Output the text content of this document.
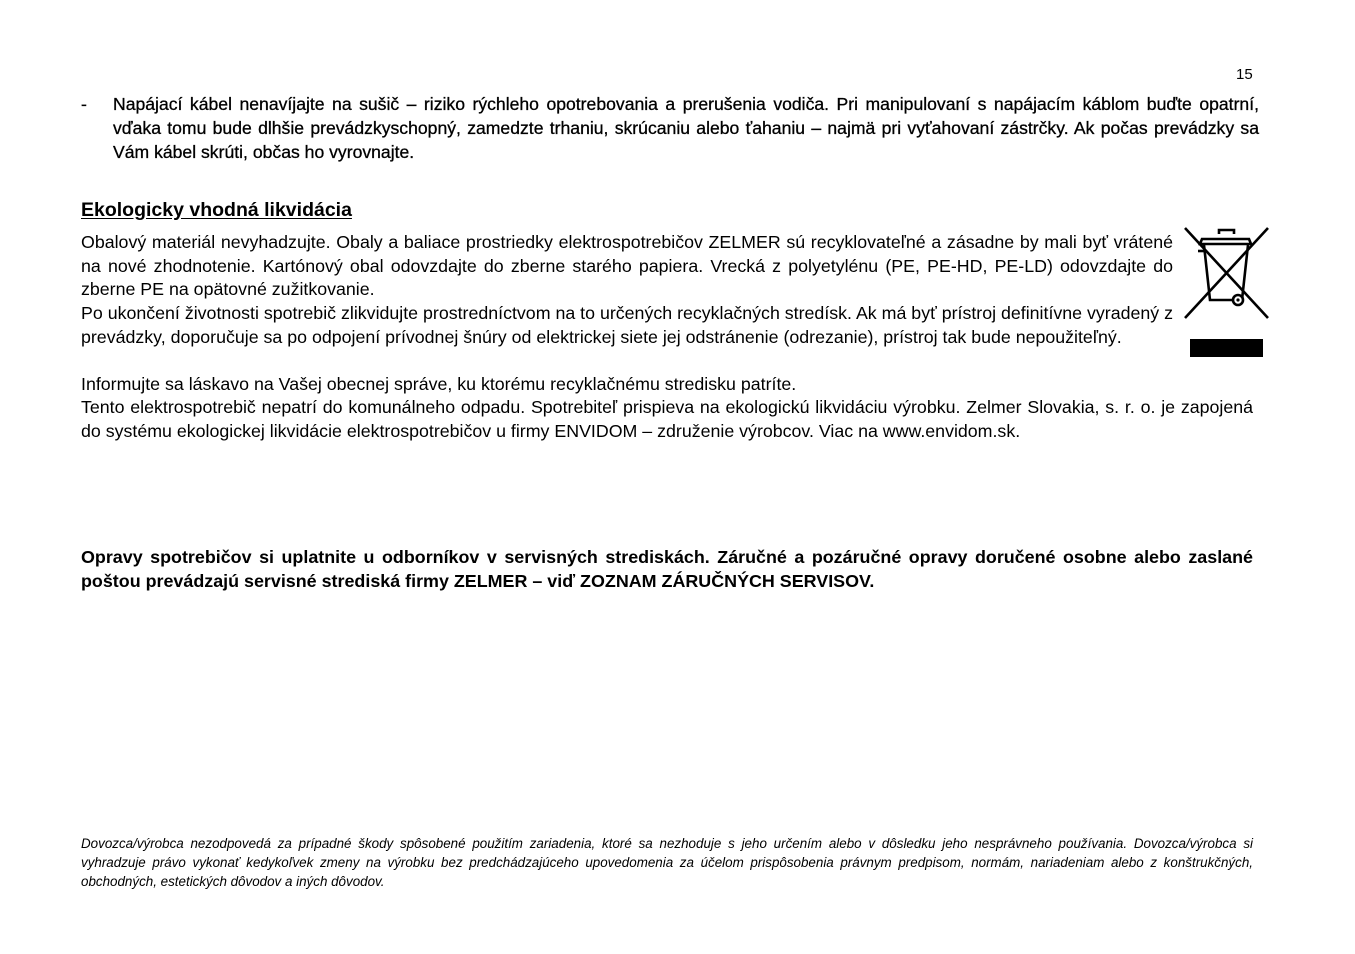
15
- Napájací kábel nenavíjajte na sušič – riziko rýchleho opotrebovania a prerušenia vodiča. Pri manipulovaní s napájacím káblom buďte opatrní, vďaka tomu bude dlhšie prevádzkyschopný, zamedzte trhaniu, skrúcaniu alebo ťahaniu – najmä pri vyťahovaní zástrčky. Ak počas prevádzky sa Vám kábel skrúti, občas ho vyrovnajte.
Ekologicky vhodná likvidácia
Obalový materiál nevyhadzujte. Obaly a baliace prostriedky elektrospotrebičov ZELMER sú recyklovateľné a zásadne by mali byť vrátené na nové zhodnotenie. Kartónový obal odovzdajte do zberne starého papiera. Vrecká z polyetylénu (PE, PE-HD, PE-LD) odovzdajte do zberne PE na opätovné zužitkovanie.
Po ukončení životnosti spotrebič zlikvidujte prostredníctvom na to určených recyklačných stredísk. Ak má byť prístroj definitívne vyradený z prevádzky, doporučuje sa po odpojení prívodnej šnúry od elektrickej siete jej odstránenie (odrezanie), prístroj tak bude nepoužiteľný.
Informujte sa láskavo na Vašej obecnej správe, ku ktorému recyklačnému stredisku patríte.
Tento elektrospotrebič nepatrí do komunálneho odpadu. Spotrebiteľ prispieva na ekologickú likvidáciu výrobku. Zelmer Slovakia, s. r. o. je zapojená do systému ekologickej likvidácie elektrospotrebičov u firmy ENVIDOM – združenie výrobcov. Viac na www.envidom.sk.
Opravy spotrebičov si uplatnite u odborníkov v servisných strediskách. Záručné a pozáručné opravy doručené osobne alebo zaslané poštou prevádzajú servisné strediská firmy ZELMER – viď ZOZNAM ZÁRUČNÝCH SERVISOV.
Dovozca/výrobca nezodpovedá za prípadné škody spôsobené použitím zariadenia, ktoré sa nezhoduje s jeho určením alebo v dôsledku jeho nesprávneho používania. Dovozca/výrobca si vyhradzuje právo vykonať kedykoľvek zmeny na výrobku bez predchádzajúceho upovedomenia za účelom prispôsobenia právnym predpisom, normám, nariadeniam alebo z konštrukčných, obchodných, estetických dôvodov a iných dôvodov.
